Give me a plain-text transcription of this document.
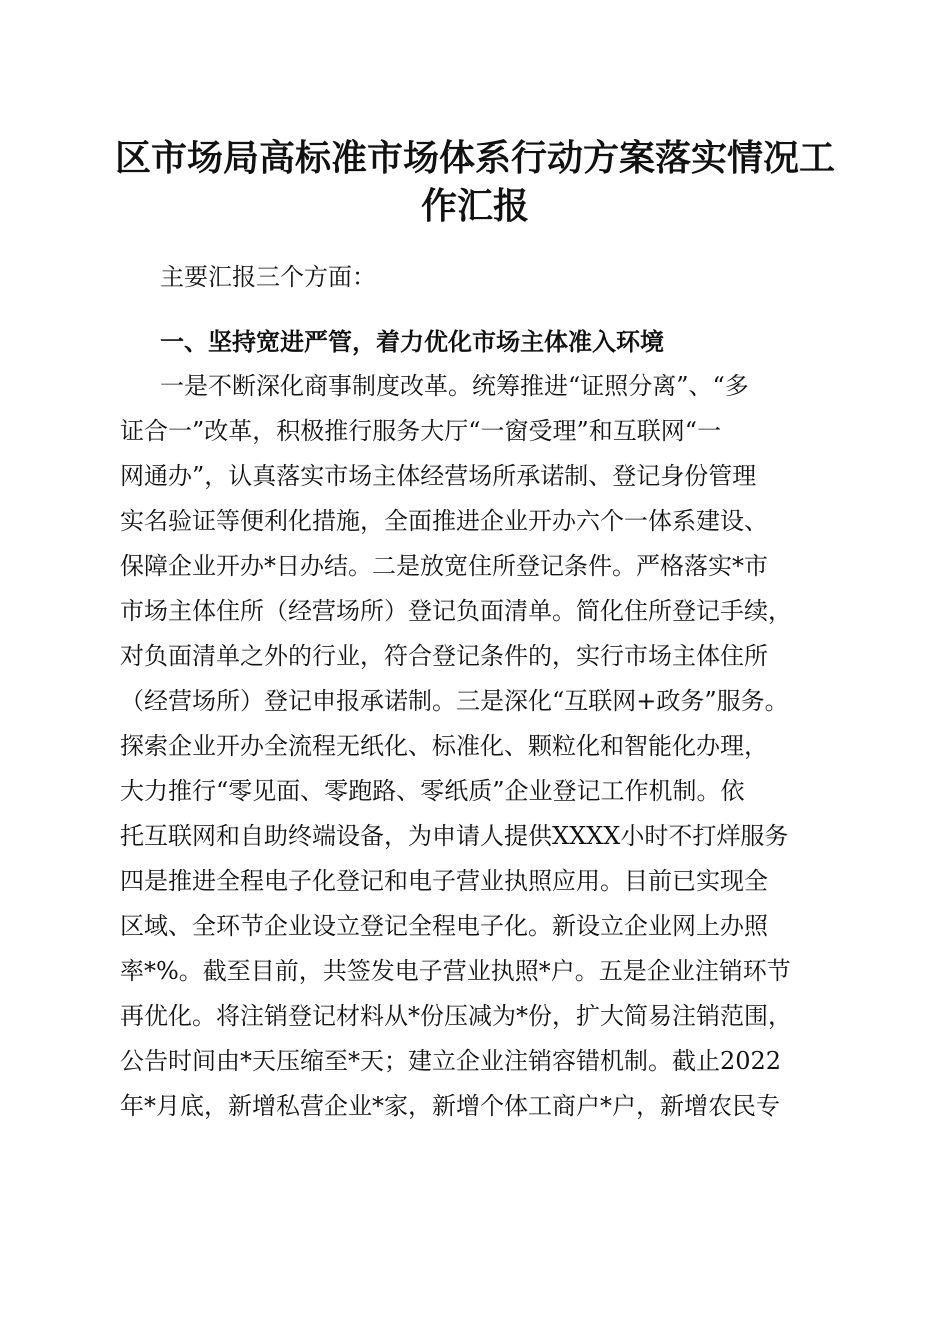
区市场局高标准市场体系行动方案落实情况工
作汇报
主要汇报三个方面：
一、坚持宽进严管，着力优化市场主体准入环境
一是不断深化商事制度改革。统筹推进“证照分离”、“多
证合一”改革，积极推行服务大厅“一窗受理”和互联网“一
网通办”，认真落实市场主体经营场所承诺制、登记身份管理
实名验证等便利化措施，全面推进企业开办六个一体系建设、
保障企业开办*日办结。二是放宽住所登记条件。严格落实*市
市场主体住所（经营场所）登记负面清单。简化住所登记手续，
对负面清单之外的行业，符合登记条件的，实行市场主体住所
（经营场所）登记申报承诺制。三是深化“互联网+政务”服务。
探索企业开办全流程无纸化、标准化、颗粒化和智能化办理，
大力推行“零见面、零跑路、零纸质”企业登记工作机制。依
托互联网和自助终端设备，为申请人提供XXXX小时不打烊服务
四是推进全程电子化登记和电子营业执照应用。目前已实现全
区域、全环节企业设立登记全程电子化。新设立企业网上办照
率*%。截至目前，共签发电子营业执照*户。五是企业注销环节
再优化。将注销登记材料从*份压减为*份，扩大简易注销范围，
公告时间由*天压缩至*天；建立企业注销容错机制。截止2022
年*月底，新增私营企业*家，新增个体工商户*户，新增农民专
